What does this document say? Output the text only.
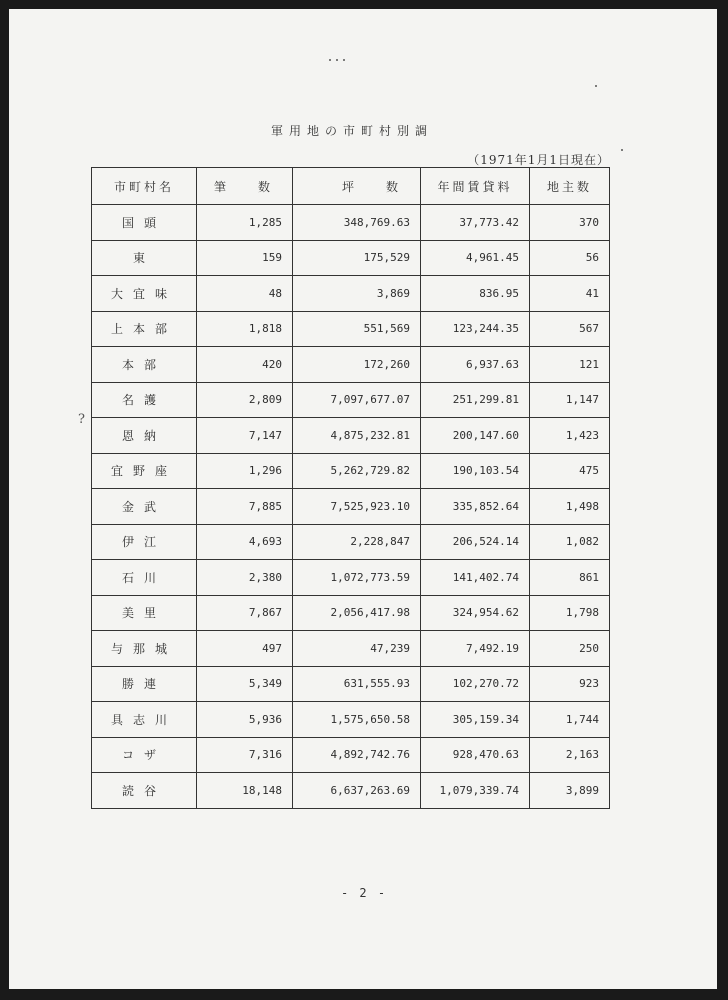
軍用地の市町村別調
（1971年1月1日現在）
?
市町村名	筆　数	坪　数	年間賃貸料	地主数
国頭	1,285	348,769.63	37,773.42	370
東	159	175,529	4,961.45	56
大宜味	48	3,869	836.95	41
上本部	1,818	551,569	123,244.35	567
本部	420	172,260	6,937.63	121
名護	2,809	7,097,677.07	251,299.81	1,147
恩納	7,147	4,875,232.81	200,147.60	1,423
宜野座	1,296	5,262,729.82	190,103.54	475
金武	7,885	7,525,923.10	335,852.64	1,498
伊江	4,693	2,228,847	206,524.14	1,082
石川	2,380	1,072,773.59	141,402.74	861
美里	7,867	2,056,417.98	324,954.62	1,798
与那城	497	47,239	7,492.19	250
勝連	5,349	631,555.93	102,270.72	923
具志川	5,936	1,575,650.58	305,159.34	1,744
コザ	7,316	4,892,742.76	928,470.63	2,163
読谷	18,148	6,637,263.69	1,079,339.74	3,899
- 2 -
